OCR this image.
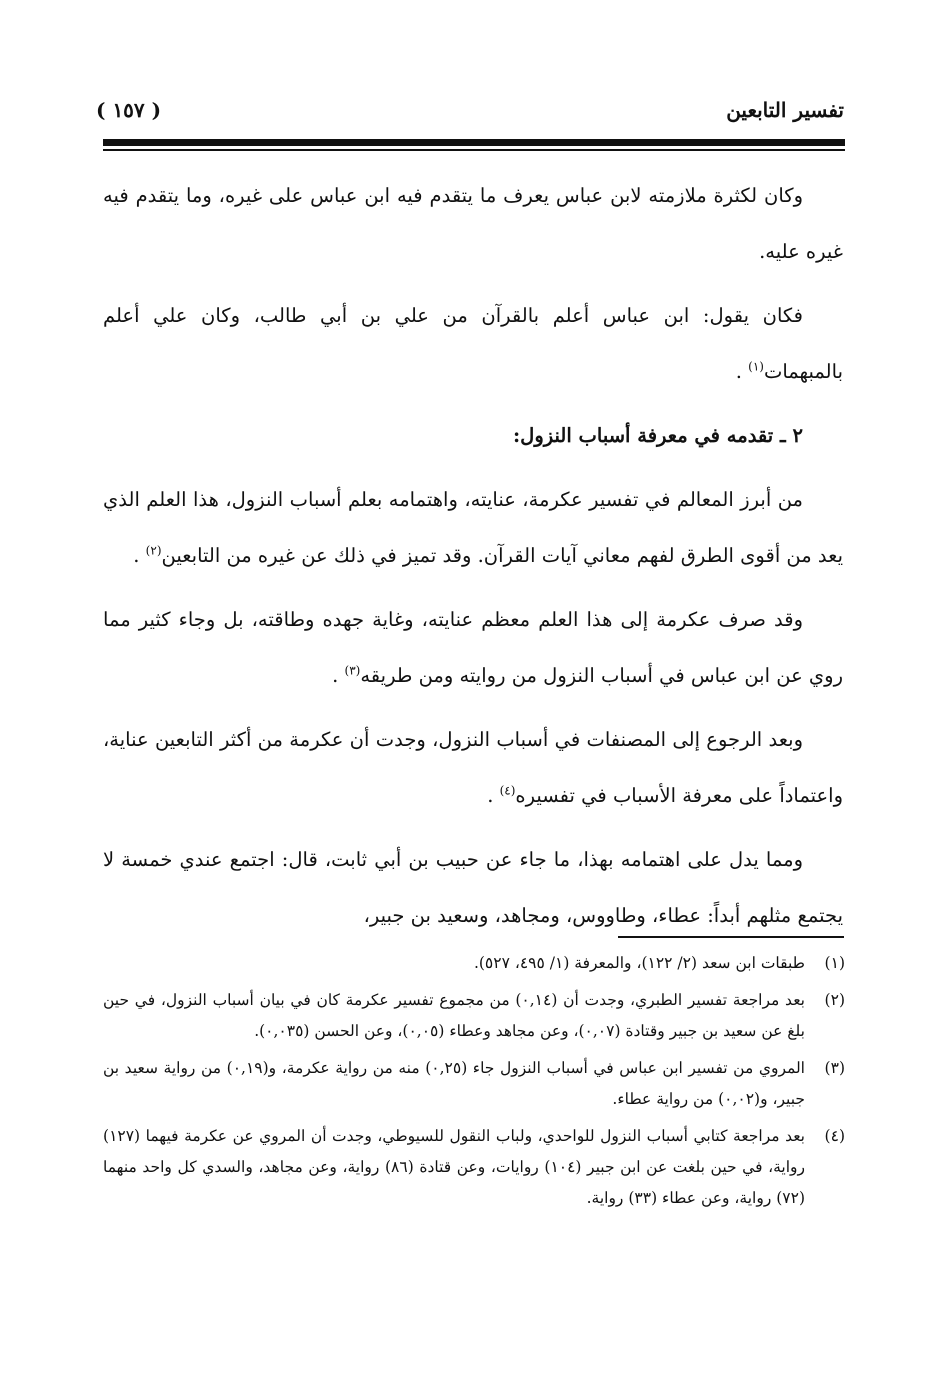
تفسير التابعين
( ١٥٧ )

وكان لكثرة ملازمته لابن عباس يعرف ما يتقدم فيه ابن عباس على غيره، وما يتقدم فيه غيره عليه.

فكان يقول: ابن عباس أعلم بالقرآن من علي بن أبي طالب، وكان علي أعلم بالمبهمات$^{(١)}$ .

٢ ـ تقدمه في معرفة أسباب النزول:

من أبرز المعالم في تفسير عكرمة، عنايته، واهتمامه بعلم أسباب النزول، هذا العلم الذي يعد من أقوى الطرق لفهم معاني آيات القرآن. وقد تميز في ذلك عن غيره من التابعين$^{(٢)}$ .

وقد صرف عكرمة إلى هذا العلم معظم عنايته، وغاية جهده وطاقته، بل وجاء كثير مما روي عن ابن عباس في أسباب النزول من روايته ومن طريقه$^{(٣)}$ .

وبعد الرجوع إلى المصنفات في أسباب النزول، وجدت أن عكرمة من أكثر التابعين عناية، واعتماداً على معرفة الأسباب في تفسيره$^{(٤)}$ .

ومما يدل على اهتمامه بهذا، ما جاء عن حبيب بن أبي ثابت، قال: اجتمع عندي خمسة لا يجتمع مثلهم أبداً: عطاء، وطاووس، ومجاهد، وسعيد بن جبير،

(١)
طبقات ابن سعد (٢/ ١٢٢)، والمعرفة (١/ ٤٩٥، ٥٢٧).
(٢)
بعد مراجعة تفسير الطبري، وجدت أن (٠,١٤) من مجموع تفسير عكرمة كان في بيان أسباب النزول، في حين بلغ عن سعيد بن جبير وقتادة (٠,٠٧)، وعن مجاهد وعطاء (٠,٠٥)، وعن الحسن (٠,٠٣٥).
(٣)
المروي من تفسير ابن عباس في أسباب النزول جاء (٠,٢٥) منه من رواية عكرمة، و(٠,١٩) من رواية سعيد بن جبير، و(٠,٠٢) من رواية عطاء.
(٤)
بعد مراجعة كتابي أسباب النزول للواحدي، ولباب النقول للسيوطي، وجدت أن المروي عن عكرمة فيهما (١٢٧) رواية، في حين بلغت عن ابن جبير (١٠٤) روايات، وعن قتادة (٨٦) رواية، وعن مجاهد، والسدي كل واحد منهما (٧٢) رواية، وعن عطاء (٣٣) رواية.
